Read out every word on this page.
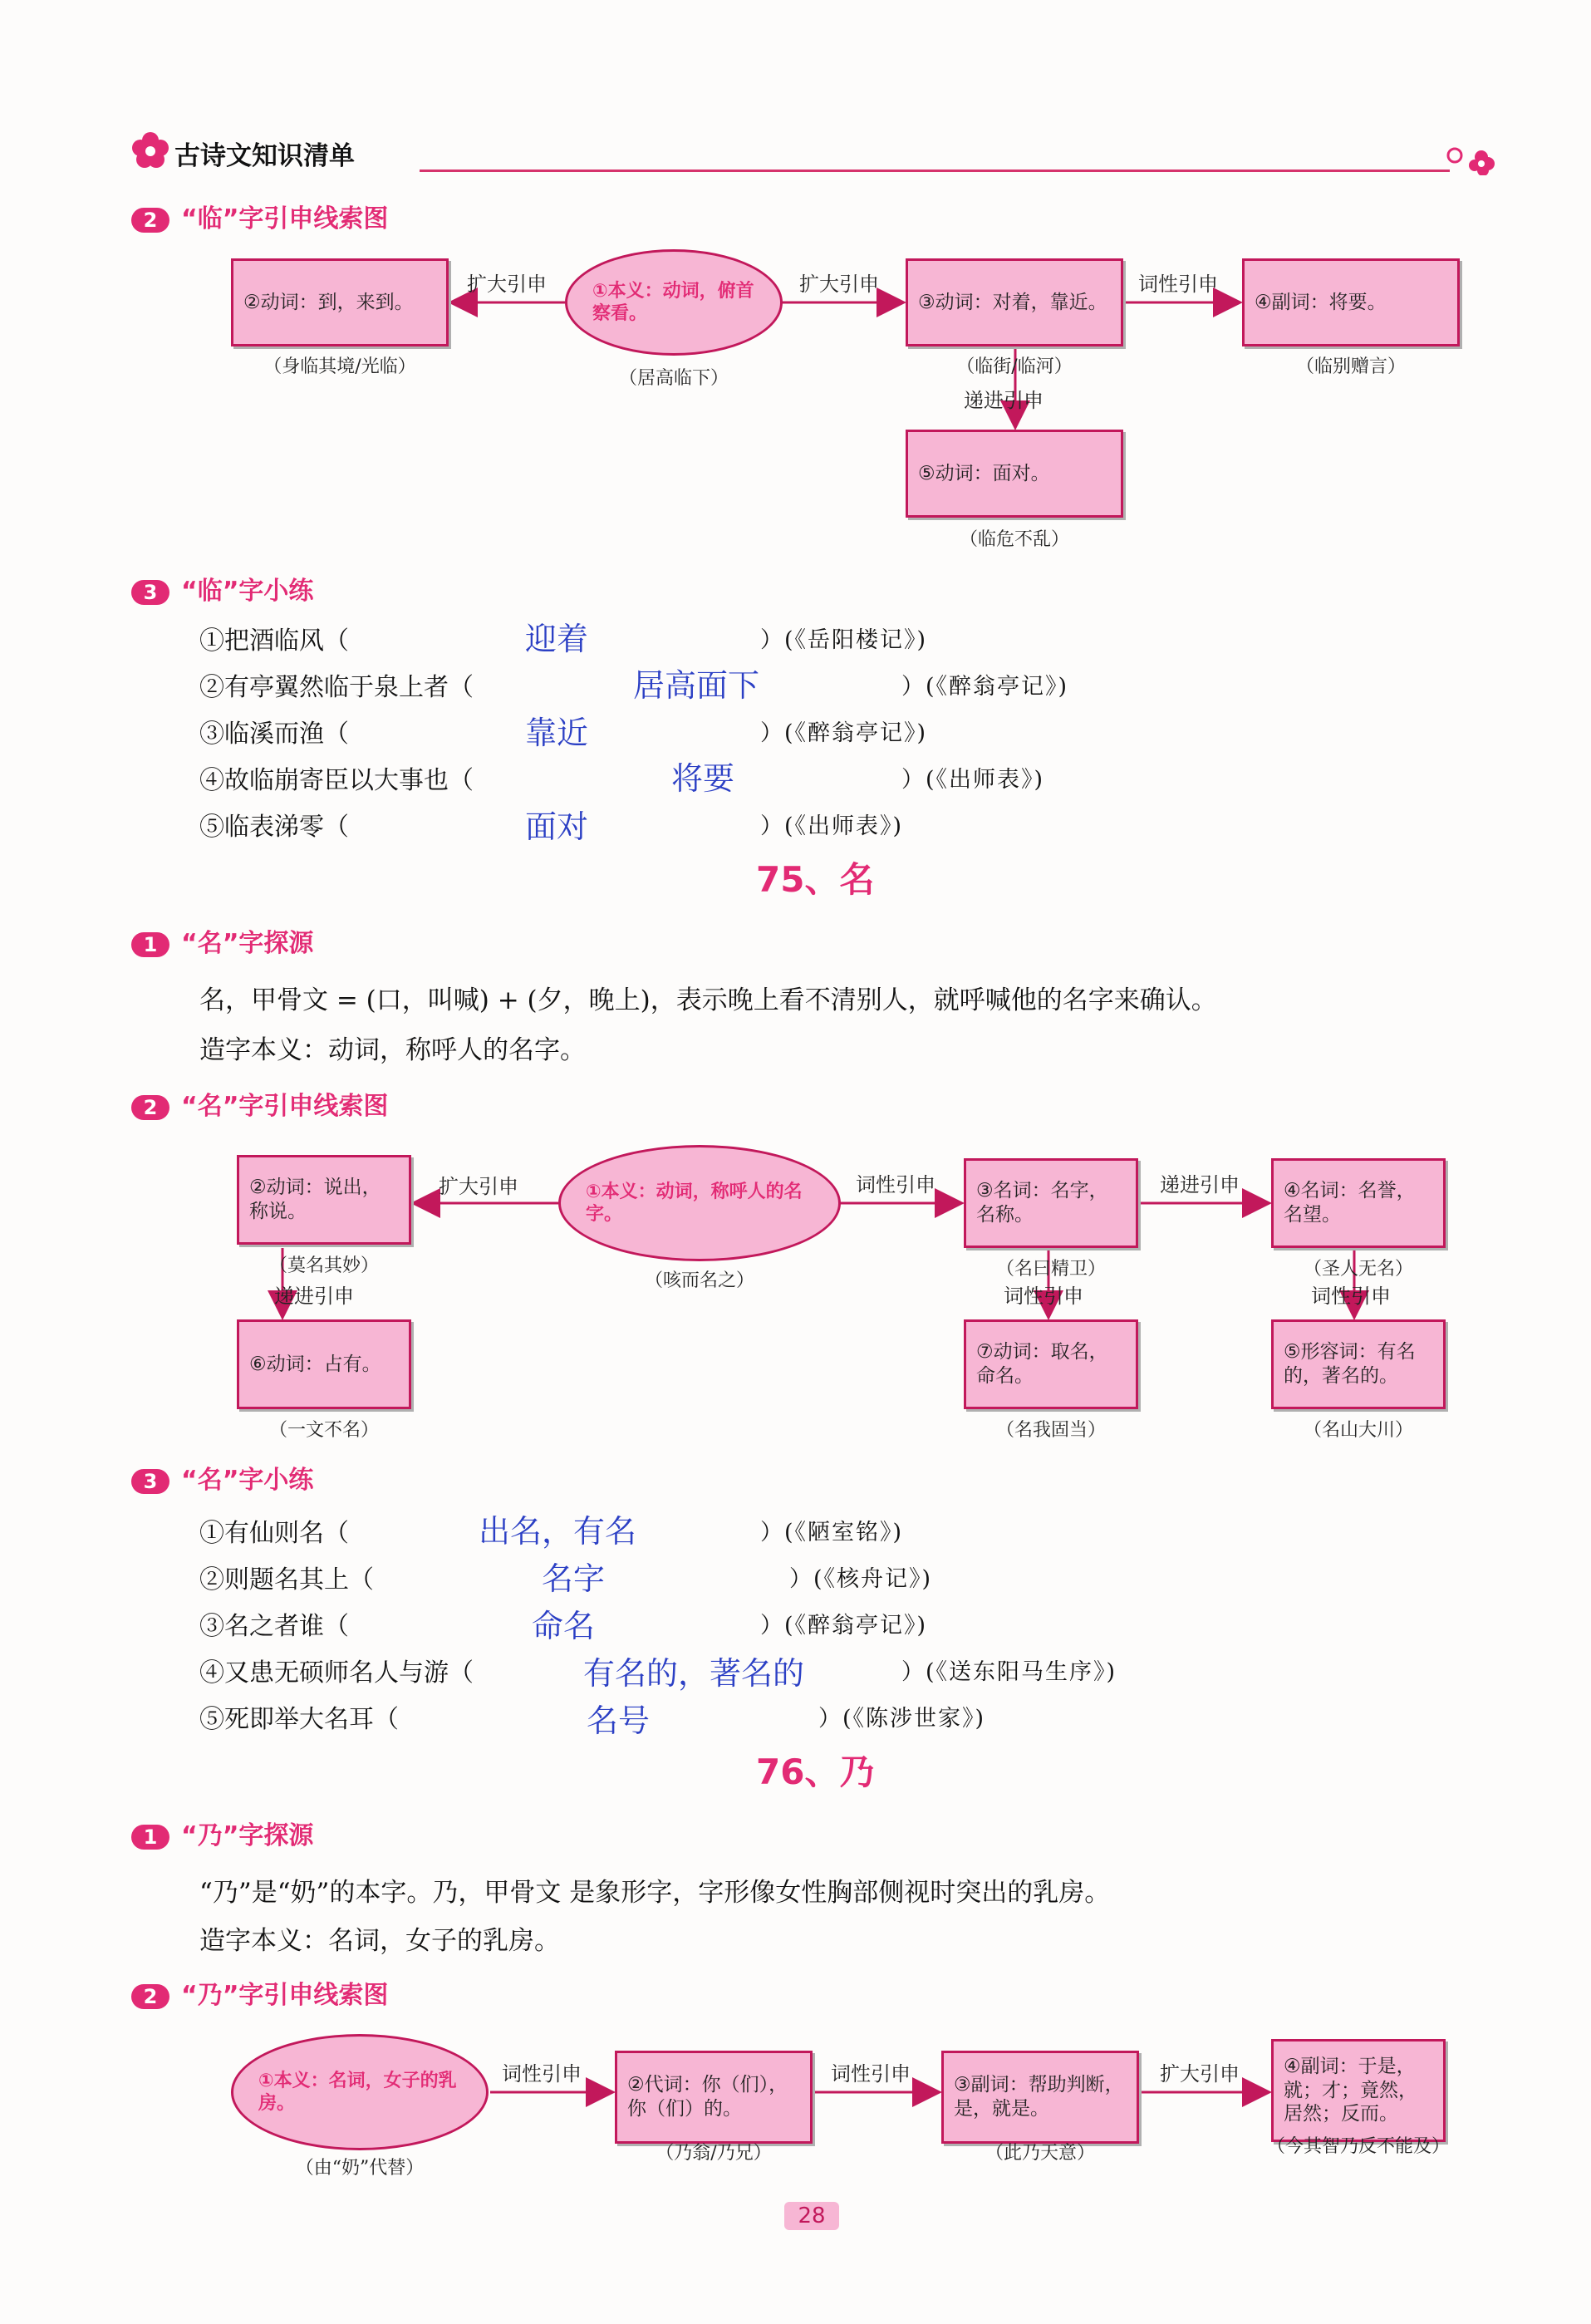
古诗文知识清单
2 “临”字引申线索图
②动词：到，来到。
（身临其境/光临）
①本义：动词，俯首察看。
（居高临下）
③动词：对着，靠近。
（临街/临河）
④副词：将要。
（临别赠言）
⑤动词：面对。
（临危不乱）
扩大引申	扩大引申	词性引申
递进引申
3 “临”字小练
①把酒临风（	迎着	）(《岳阳楼记》)
②有亭翼然临于泉上者（	居高面下	）(《醉翁亭记》)
③临溪而渔（	靠近	）(《醉翁亭记》)
④故临崩寄臣以大事也（	将要	）(《出师表》)
⑤临表涕零（	面对	）(《出师表》)
75、名
1 “名”字探源
名，甲骨文 = (口，叫喊) + (夕，晚上)，表示晚上看不清别人，就呼喊他的名字来确认。
造字本义：动词，称呼人的名字。
2 “名”字引申线索图
②动词：说出，称说。
（莫名其妙）
①本义：动词，称呼人的名字。
（咳而名之）
③名词：名字，名称。
（名曰精卫）
④名词：名誉，名望。
（圣人无名）
⑥动词：占有。
（一文不名）
⑦动词：取名，命名。
（名我固当）
⑤形容词：有名的，著名的。
（名山大川）
扩大引申	词性引申	递进引申
递进引申	词性引申	词性引申
3 “名”字小练
①有仙则名（	出名，有名	）(《陋室铭》)
②则题名其上（	名字	）(《核舟记》)
③名之者谁（	命名	）(《醉翁亭记》)
④又患无硕师名人与游（	有名的，著名的	）(《送东阳马生序》)
⑤死即举大名耳（	名号	）(《陈涉世家》)
76、乃
1 “乃”字探源
“乃”是“奶”的本字。乃，甲骨文 是象形字，字形像女性胸部侧视时突出的乳房。
造字本义：名词，女子的乳房。
2 “乃”字引申线索图
①本义：名词，女子的乳房。
（由“奶”代替）
②代词：你（们），你（们）的。
（乃翁/乃兄）
③副词：帮助判断，是，就是。
（此乃天意）
④副词：于是，就；才；竟然，居然；反而。
（今其智乃反不能及）
词性引申	词性引申	扩大引申
28
